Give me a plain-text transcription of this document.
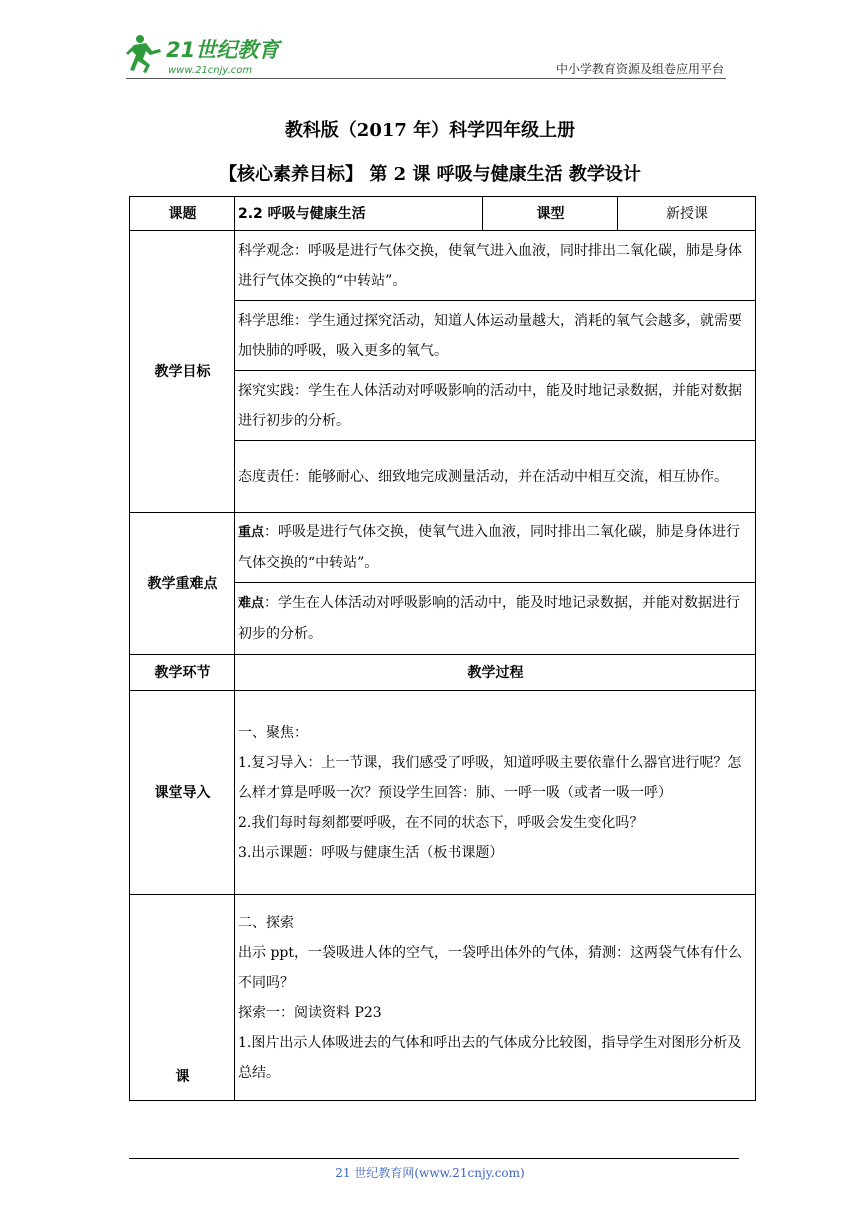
21世纪教育
www.21cnjy.com	中小学教育资源及组卷应用平台
教科版（2017 年）科学四年级上册
【核心素养目标】 第 2 课 呼吸与健康生活 教学设计
课题	2.2 呼吸与健康生活	课型	新授课
教学目标	科学观念：呼吸是进行气体交换，使氧气进入血液，同时排出二氧化碳，肺是身体进行气体交换的“中转站”。		
	科学思维：学生通过探究活动，知道人体运动量越大，消耗的氧气会越多，就需要加快肺的呼吸，吸入更多的氧气。		
	探究实践：学生在人体活动对呼吸影响的活动中，能及时地记录数据，并能对数据进行初步的分析。		
	态度责任：能够耐心、细致地完成测量活动，并在活动中相互交流，相互协作。		
教学重难点	重点：呼吸是进行气体交换，使氧气进入血液，同时排出二氧化碳，肺是身体进行气体交换的“中转站”。		
	难点：学生在人体活动对呼吸影响的活动中，能及时地记录数据，并能对数据进行初步的分析。		
教学环节	教学过程		
课堂导入	一、聚焦：
1.复习导入：上一节课，我们感受了呼吸，知道呼吸主要依靠什么器官进行呢？怎么样才算是呼吸一次？预设学生回答：肺、一呼一吸（或者一吸一呼）
2.我们每时每刻都要呼吸，在不同的状态下，呼吸会发生变化吗？
3.出示课题：呼吸与健康生活（板书课题）		

课	二、探索
出示 ppt，一袋吸进人体的空气，一袋呼出体外的气体，猜测：这两袋气体有什么不同吗？
探索一：阅读资料 P23
1.图片出示人体吸进去的气体和呼出去的气体成分比较图，指导学生对图形分析及总结。		
21 世纪教育网(www.21cnjy.com)
